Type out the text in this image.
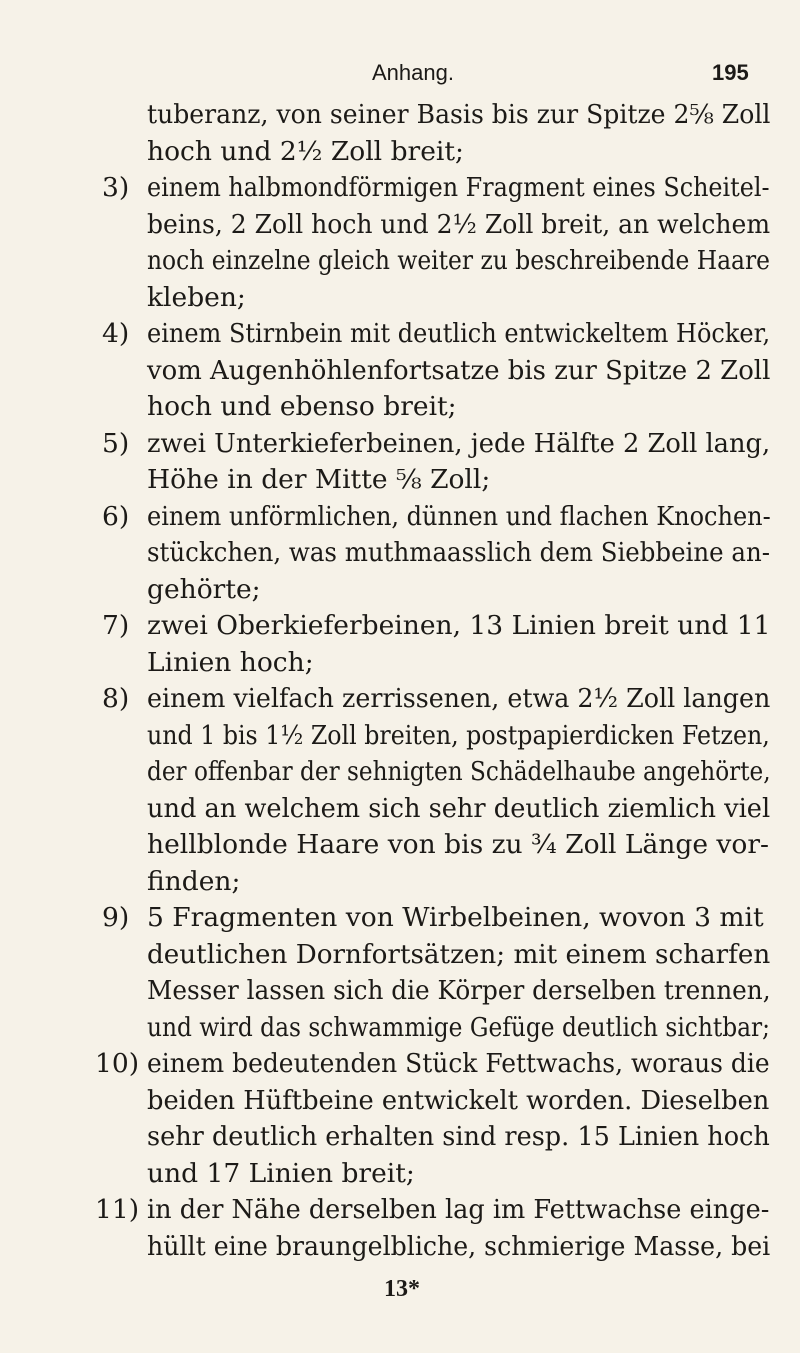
Anhang.	195
tuberanz, von seiner Basis bis zur Spitze 2⅝ Zoll
hoch und 2½ Zoll breit;
3) einem halbmondförmigen Fragment eines Scheitel-
beins, 2 Zoll hoch und 2½ Zoll breit, an welchem
noch einzelne gleich weiter zu beschreibende Haare
kleben;
4) einem Stirnbein mit deutlich entwickeltem Höcker,
vom Augenhöhlenfortsatze bis zur Spitze 2 Zoll
hoch und ebenso breit;
5) zwei Unterkieferbeinen, jede Hälfte 2 Zoll lang,
Höhe in der Mitte ⅝ Zoll;
6) einem unförmlichen, dünnen und flachen Knochen-
stückchen, was muthmaasslich dem Siebbeine an-
gehörte;
7) zwei Oberkieferbeinen, 13 Linien breit und 11
Linien hoch;
8) einem vielfach zerrissenen, etwa 2½ Zoll langen
und 1 bis 1½ Zoll breiten, postpapierdicken Fetzen,
der offenbar der sehnigten Schädelhaube angehörte,
und an welchem sich sehr deutlich ziemlich viel
hellblonde Haare von bis zu ¾ Zoll Länge vor-
finden;
9) 5 Fragmenten von Wirbelbeinen, wovon 3 mit
deutlichen Dornfortsätzen; mit einem scharfen
Messer lassen sich die Körper derselben trennen,
und wird das schwammige Gefüge deutlich sichtbar;
10) einem bedeutenden Stück Fettwachs, woraus die
beiden Hüftbeine entwickelt worden. Dieselben
sehr deutlich erhalten sind resp. 15 Linien hoch
und 17 Linien breit;
11) in der Nähe derselben lag im Fettwachse einge-
hüllt eine braungelbliche, schmierige Masse, bei
13*
